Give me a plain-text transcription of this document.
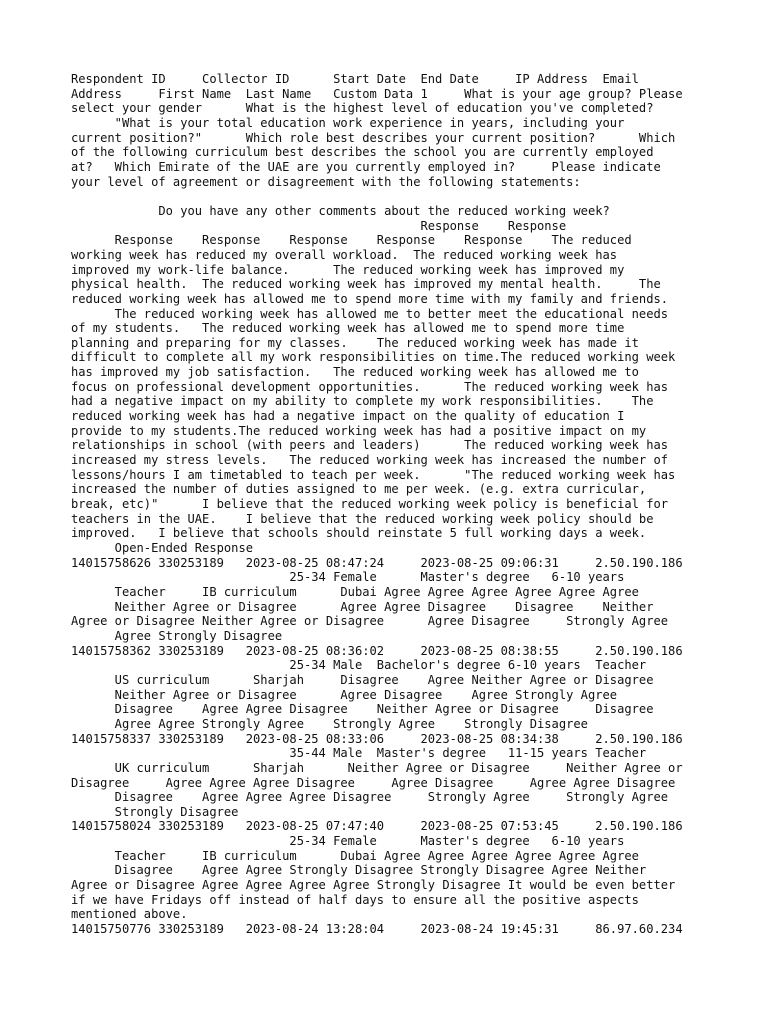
Respondent ID     Collector ID      Start Date  End Date     IP Address  Email
Address     First Name  Last Name   Custom Data 1     What is your age group? Please
select your gender      What is the highest level of education you've completed?
"What is your total education work experience in years, including your
current position?"      Which role best describes your current position?      Which
of the following curriculum best describes the school you are currently employed
at?   Which Emirate of the UAE are you currently employed in?     Please indicate
your level of agreement or disagreement with the following statements:

Do you have any other comments about the reduced working week?
Response    Response
Response    Response    Response    Response    Response    The reduced
working week has reduced my overall workload.  The reduced working week has
improved my work-life balance.      The reduced working week has improved my
physical health.  The reduced working week has improved my mental health.     The
reduced working week has allowed me to spend more time with my family and friends.
The reduced working week has allowed me to better meet the educational needs
of my students.   The reduced working week has allowed me to spend more time
planning and preparing for my classes.    The reduced working week has made it
difficult to complete all my work responsibilities on time.The reduced working week
has improved my job satisfaction.   The reduced working week has allowed me to
focus on professional development opportunities.      The reduced working week has
had a negative impact on my ability to complete my work responsibilities.    The
reduced working week has had a negative impact on the quality of education I
provide to my students.The reduced working week has had a positive impact on my
relationships in school (with peers and leaders)      The reduced working week has
increased my stress levels.   The reduced working week has increased the number of
lessons/hours I am timetabled to teach per week.      "The reduced working week has
increased the number of duties assigned to me per week. (e.g. extra curricular,
break, etc)"      I believe that the reduced working week policy is beneficial for
teachers in the UAE.    I believe that the reduced working week policy should be
improved.   I believe that schools should reinstate 5 full working days a week.
Open-Ended Response
14015758626 330253189   2023-08-25 08:47:24     2023-08-25 09:06:31     2.50.190.186
25-34 Female      Master's degree   6-10 years
Teacher     IB curriculum      Dubai Agree Agree Agree Agree Agree Agree
Neither Agree or Disagree      Agree Agree Disagree    Disagree    Neither
Agree or Disagree Neither Agree or Disagree      Agree Disagree     Strongly Agree
Agree Strongly Disagree
14015758362 330253189   2023-08-25 08:36:02     2023-08-25 08:38:55     2.50.190.186
25-34 Male  Bachelor's degree 6-10 years  Teacher
US curriculum      Sharjah     Disagree    Agree Neither Agree or Disagree
Neither Agree or Disagree      Agree Disagree    Agree Strongly Agree
Disagree    Agree Agree Disagree    Neither Agree or Disagree     Disagree
Agree Agree Strongly Agree    Strongly Agree    Strongly Disagree
14015758337 330253189   2023-08-25 08:33:06     2023-08-25 08:34:38     2.50.190.186
35-44 Male  Master's degree   11-15 years Teacher
UK curriculum      Sharjah      Neither Agree or Disagree     Neither Agree or
Disagree     Agree Agree Agree Disagree     Agree Disagree     Agree Agree Disagree
Disagree    Agree Agree Agree Disagree     Strongly Agree     Strongly Agree
Strongly Disagree
14015758024 330253189   2023-08-25 07:47:40     2023-08-25 07:53:45     2.50.190.186
25-34 Female      Master's degree   6-10 years
Teacher     IB curriculum      Dubai Agree Agree Agree Agree Agree Agree
Disagree    Agree Agree Strongly Disagree Strongly Disagree Agree Neither
Agree or Disagree Agree Agree Agree Agree Strongly Disagree It would be even better
if we have Fridays off instead of half days to ensure all the positive aspects
mentioned above.
14015750776 330253189   2023-08-24 13:28:04     2023-08-24 19:45:31     86.97.60.234
